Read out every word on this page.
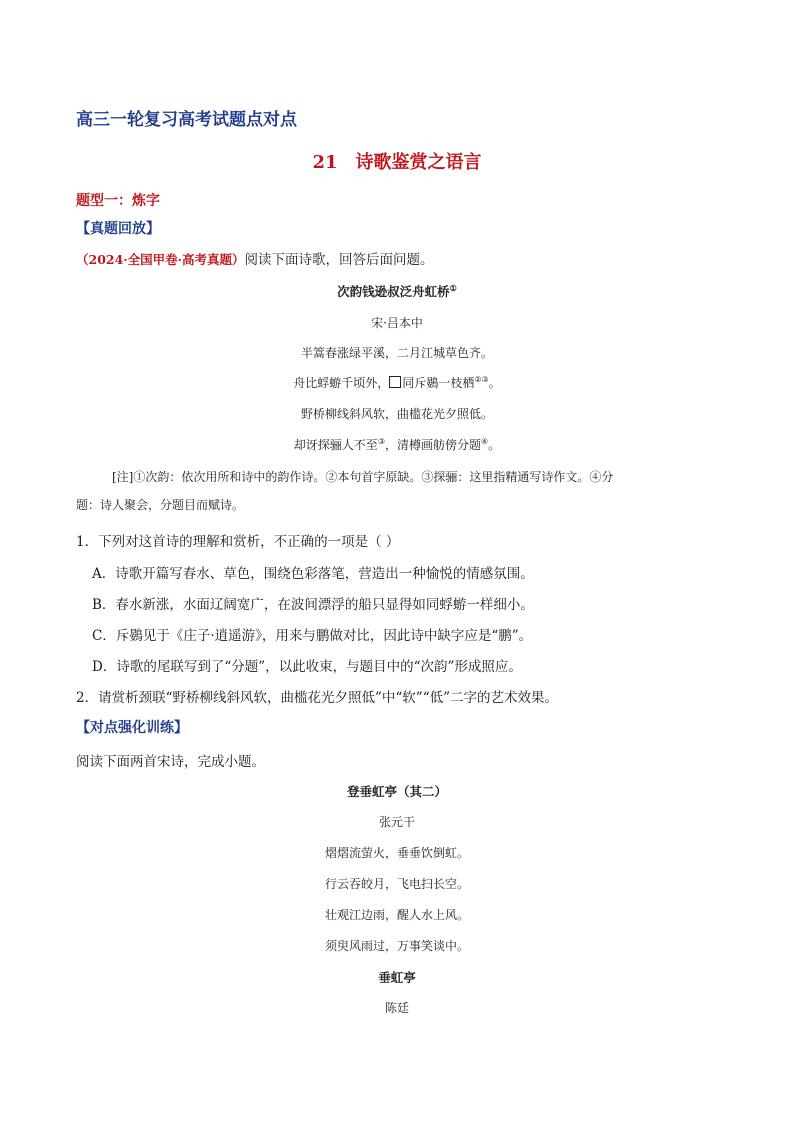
高三一轮复习高考试题点对点
21 诗歌鉴赏之语言
题型一：炼字
【真题回放】
（2024·全国甲卷·高考真题）阅读下面诗歌，回答后面问题。
次韵钱逊叔泛舟虹桥①
宋·吕本中
半篙春涨绿平溪，二月江城草色齐。
舟比蜉蝣千顷外， 同斥鷃一枝栖②③。
野桥柳线斜风软，曲槛花光夕照低。
却讶探骊人不至③，清樽画舫傍分题④。
[注]①次韵：依次用所和诗中的韵作诗。②本句首字原缺。③探骊：这里指精通写诗作文。④分
题：诗人聚会，分题目而赋诗。
1．下列对这首诗的理解和赏析，不正确的一项是（ ）
A．诗歌开篇写春水、草色，围绕色彩落笔，营造出一种愉悦的情感氛围。
B．春水新涨，水面辽阔宽广，在波间漂浮的船只显得如同蜉蝣一样细小。
C．斥鷃见于《庄子·逍遥游》，用来与鹏做对比，因此诗中缺字应是“鹏”。
D．诗歌的尾联写到了“分题”，以此收束，与题目中的“次韵”形成照应。
2．请赏析颈联“野桥柳线斜风软，曲槛花光夕照低”中“软”“低”二字的艺术效果。
【对点强化训练】
阅读下面两首宋诗，完成小题。
登垂虹亭（其二）
张元干
熠熠流萤火，垂垂饮倒虹。
行云吞皎月，飞电扫长空。
壮观江边雨，醒人水上风。
须臾风雨过，万事笑谈中。
垂虹亭
陈廷
